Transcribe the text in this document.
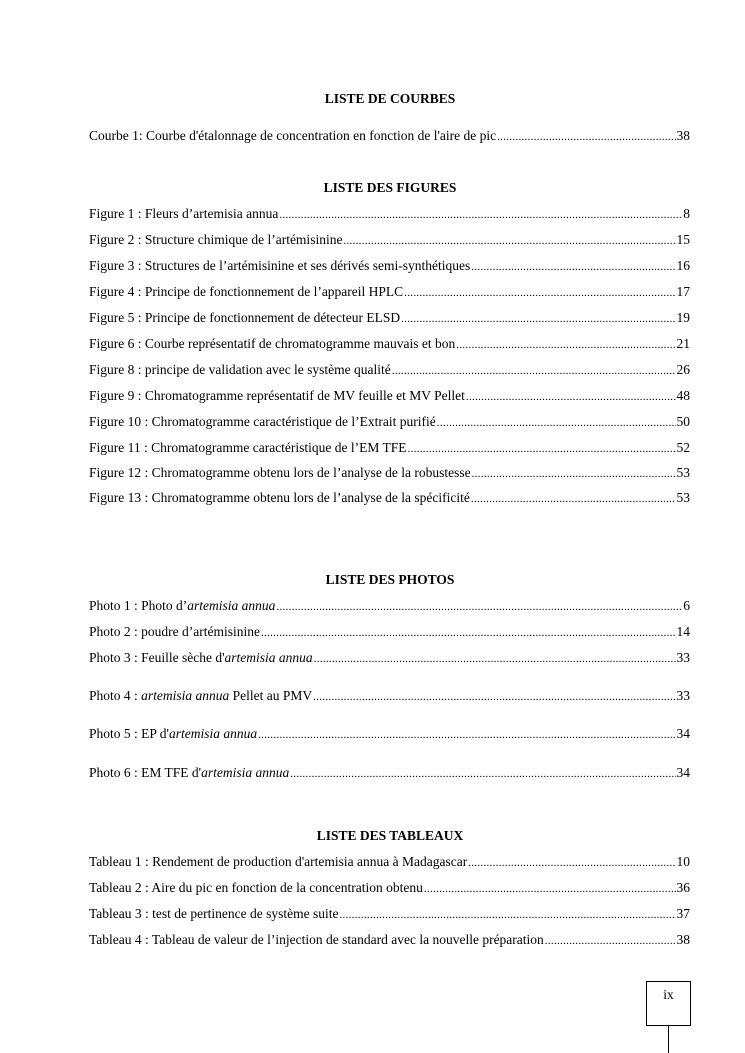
LISTE DE COURBES
Courbe 1: Courbe d'étalonnage de concentration en fonction de l'aire de pic .....	38
LISTE DES FIGURES
Figure 1 : Fleurs d’artemisia annua .....	8
Figure 2 : Structure chimique de l’artémisinine .....	15
Figure 3 : Structures de l’artémisinine et ses dérivés semi-synthétiques .....	16
Figure 4 : Principe de fonctionnement de l’appareil HPLC .....	17
Figure 5 : Principe de fonctionnement de détecteur ELSD .....	19
Figure 6 : Courbe représentatif de chromatogramme mauvais et bon .....	21
Figure 8 : principe de validation avec le système qualité .....	26
Figure 9 : Chromatogramme représentatif de MV feuille et MV Pellet .....	48
Figure 10 : Chromatogramme caractéristique de l’Extrait purifié .....	50
Figure 11 : Chromatogramme caractéristique de l’EM TFE .....	52
Figure 12 : Chromatogramme obtenu lors de l’analyse de la robustesse .....	53
Figure 13 : Chromatogramme obtenu lors de l’analyse de la spécificité .....	53
LISTE DES PHOTOS
Photo 1 : Photo d’artemisia annua .....	6
Photo 2 : poudre d’artémisinine .....	14
Photo 3 : Feuille sèche d'artemisia annua .....	33
Photo 4 : artemisia annua Pellet au PMV .....	33
Photo 5 : EP d'artemisia annua .....	34
Photo 6 : EM TFE d'artemisia annua .....	34
LISTE DES TABLEAUX
Tableau 1 : Rendement de production d'artemisia annua à Madagascar .....	10
Tableau 2 : Aire du pic en fonction de la concentration obtenu .....	36
Tableau 3 : test de pertinence de système suite .....	37
Tableau 4 : Tableau de valeur de l’injection de standard avec la nouvelle préparation .....	38
ix
